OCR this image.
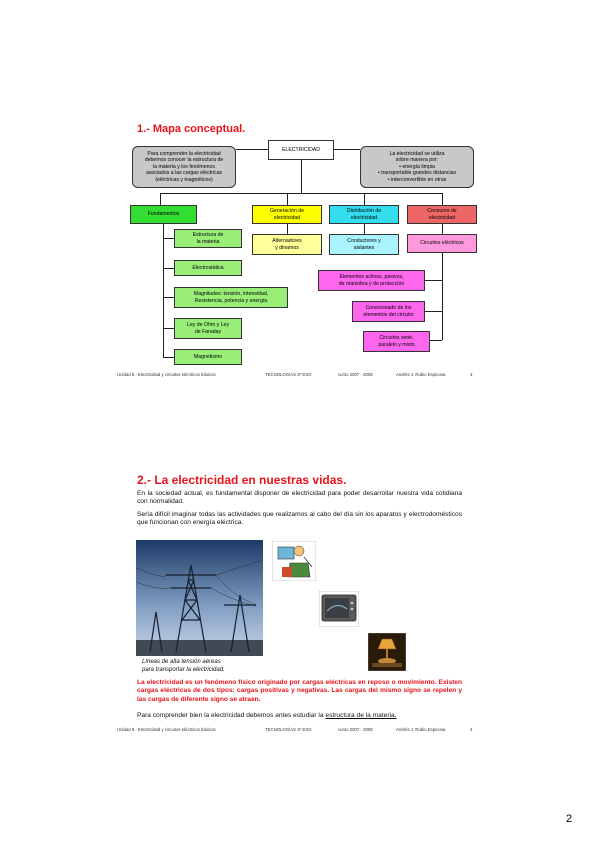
1.- Mapa conceptual.
Para comprender la electricidad
debemos conocer la estructura de
la materia y los fenómenos
asociados a las cargas eléctricas
(eléctricas y magnéticos)
ELECTRICIDAD
La electricidad se utiliza
sobre manera por:
• energía limpia
• transportable grandes distancias
• interconvertible en otras
Fundamentos
Generación de
electricidad
Distribución de
electricidad
Consumo de
electricidad
Estructura de
la materia
Electrostática
Magnitudes: tensión, intensidad,
Resistencia, potencia y energía
Ley de Ohm y Ley
de Faraday
Magnetismo
Alternadores
y dinamos
Conductores y
aislantes
Circuitos eléctricos
Elementos activos, pasivos,
de maniobra y de protección
Conexionado de los
elementos del circuito
Circuitos serie,
paralelo y mixto
Unidad 9.- Electricidad y circuitos eléctricos básicos	TECNOLOGÍAS 3º ESO	curso 2007 - 2008	Andrés J. Rubio Espinosa	3
2.- La electricidad en nuestras vidas.
En la sociedad actual, es fundamental disponer de electricidad para poder desarrollar nuestra vida cotidiana con normalidad.
Sería difícil imaginar todas las actividades que realizamos al cabo del día sin los aparatos y electrodomésticos que funcionan con energía eléctrica.
Líneas de alta tensión aéreas
para transportar la electricidad.
La electricidad es un fenómeno físico originado por cargas eléctricas en reposo o movimiento. Existen cargas eléctricas de dos tipos: cargas positivas y negativas. Las cargas del mismo signo se repelen y las cargas de diferente signo se atraen.
Para comprender bien la electricidad debemos antes estudiar la estructura de la materia.
Unidad 9.- Electricidad y circuitos eléctricos básicos	TECNOLOGÍAS 3º ESO	curso 2007 - 2008	Andrés J. Rubio Espinosa	4
2
